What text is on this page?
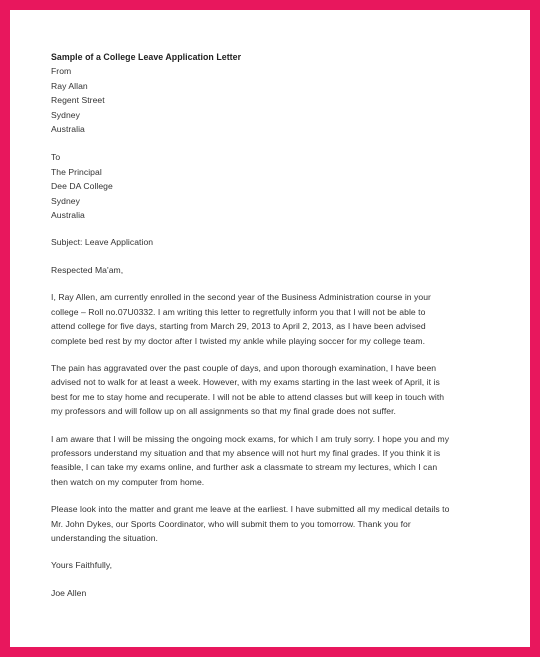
Sample of a College Leave Application Letter
From
Ray Allan
Regent Street
Sydney
Australia
To
The Principal
Dee DA College
Sydney
Australia
Subject: Leave Application
Respected Ma'am,
I, Ray Allen, am currently enrolled in the second year of the Business Administration course in your
college – Roll no.07U0332. I am writing this letter to regretfully inform you that I will not be able to
attend college for five days, starting from March 29, 2013 to April 2, 2013, as I have been advised
complete bed rest by my doctor after I twisted my ankle while playing soccer for my college team.
The pain has aggravated over the past couple of days, and upon thorough examination, I have been
advised not to walk for at least a week. However, with my exams starting in the last week of April, it is
best for me to stay home and recuperate. I will not be able to attend classes but will keep in touch with
my professors and will follow up on all assignments so that my final grade does not suffer.
I am aware that I will be missing the ongoing mock exams, for which I am truly sorry. I hope you and my
professors understand my situation and that my absence will not hurt my final grades. If you think it is
feasible, I can take my exams online, and further ask a classmate to stream my lectures, which I can
then watch on my computer from home.
Please look into the matter and grant me leave at the earliest. I have submitted all my medical details to
Mr. John Dykes, our Sports Coordinator, who will submit them to you tomorrow. Thank you for
understanding the situation.
Yours Faithfully,
Joe Allen
